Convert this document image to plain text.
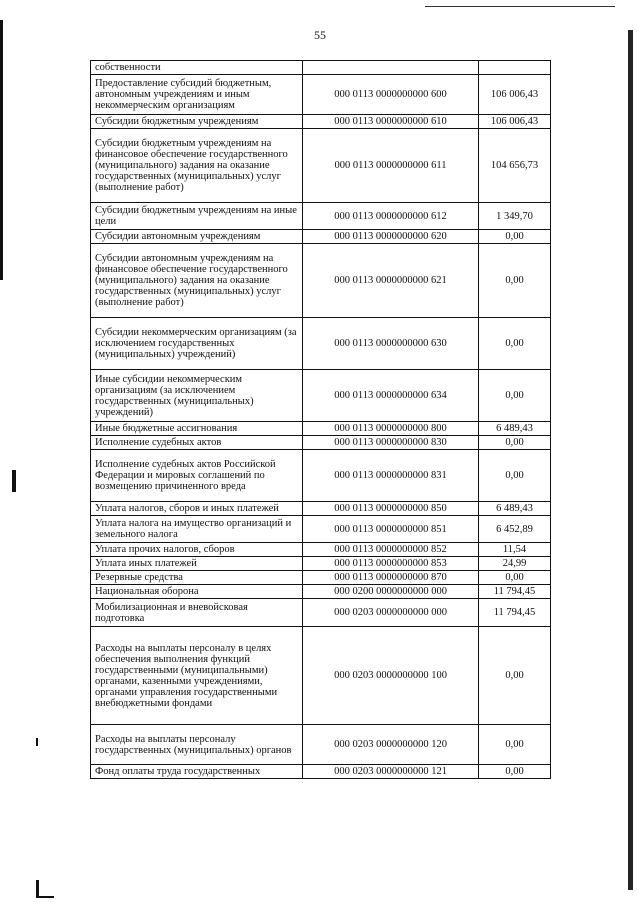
55
собственности		
Предоставление субсидий бюджетным, автономным учреждениям и иным некоммерческим организациям	000 0113 0000000000 600	106 006,43
Субсидии бюджетным учреждениям	000 0113 0000000000 610	106 006,43
Субсидии бюджетным учреждениям на финансовое обеспечение государственного (муниципального) задания на оказание государственных (муниципальных) услуг (выполнение работ)	000 0113 0000000000 611	104 656,73
Субсидии бюджетным учреждениям на иные цели	000 0113 0000000000 612	1 349,70
Субсидии автономным учреждениям	000 0113 0000000000 620	0,00
Субсидии автономным учреждениям на финансовое обеспечение государственного (муниципального) задания на оказание государственных (муниципальных) услуг (выполнение работ)	000 0113 0000000000 621	0,00
Субсидии некоммерческим организациям (за исключением государственных (муниципальных) учреждений)	000 0113 0000000000 630	0,00
Иные субсидии некоммерческим организациям (за исключением государственных (муниципальных) учреждений)	000 0113 0000000000 634	0,00
Иные бюджетные ассигнования	000 0113 0000000000 800	6 489,43
Исполнение судебных актов	000 0113 0000000000 830	0,00
Исполнение судебных актов Российской Федерации и мировых соглашений по возмещению причиненного вреда	000 0113 0000000000 831	0,00
Уплата налогов, сборов и иных платежей	000 0113 0000000000 850	6 489,43
Уплата налога на имущество организаций и земельного налога	000 0113 0000000000 851	6 452,89
Уплата прочих налогов, сборов	000 0113 0000000000 852	11,54
Уплата иных платежей	000 0113 0000000000 853	24,99
Резервные средства	000 0113 0000000000 870	0,00
Национальная оборона	000 0200 0000000000 000	11 794,45
Мобилизационная и вневойсковая подготовка	000 0203 0000000000 000	11 794,45
Расходы на выплаты персоналу в целях обеспечения выполнения функций государственными (муниципальными) органами, казенными учреждениями, органами управления государственными внебюджетными фондами	000 0203 0000000000 100	0,00
Расходы на выплаты персоналу государственных (муниципальных) органов	000 0203 0000000000 120	0,00
Фонд оплаты труда государственных	000 0203 0000000000 121	0,00
